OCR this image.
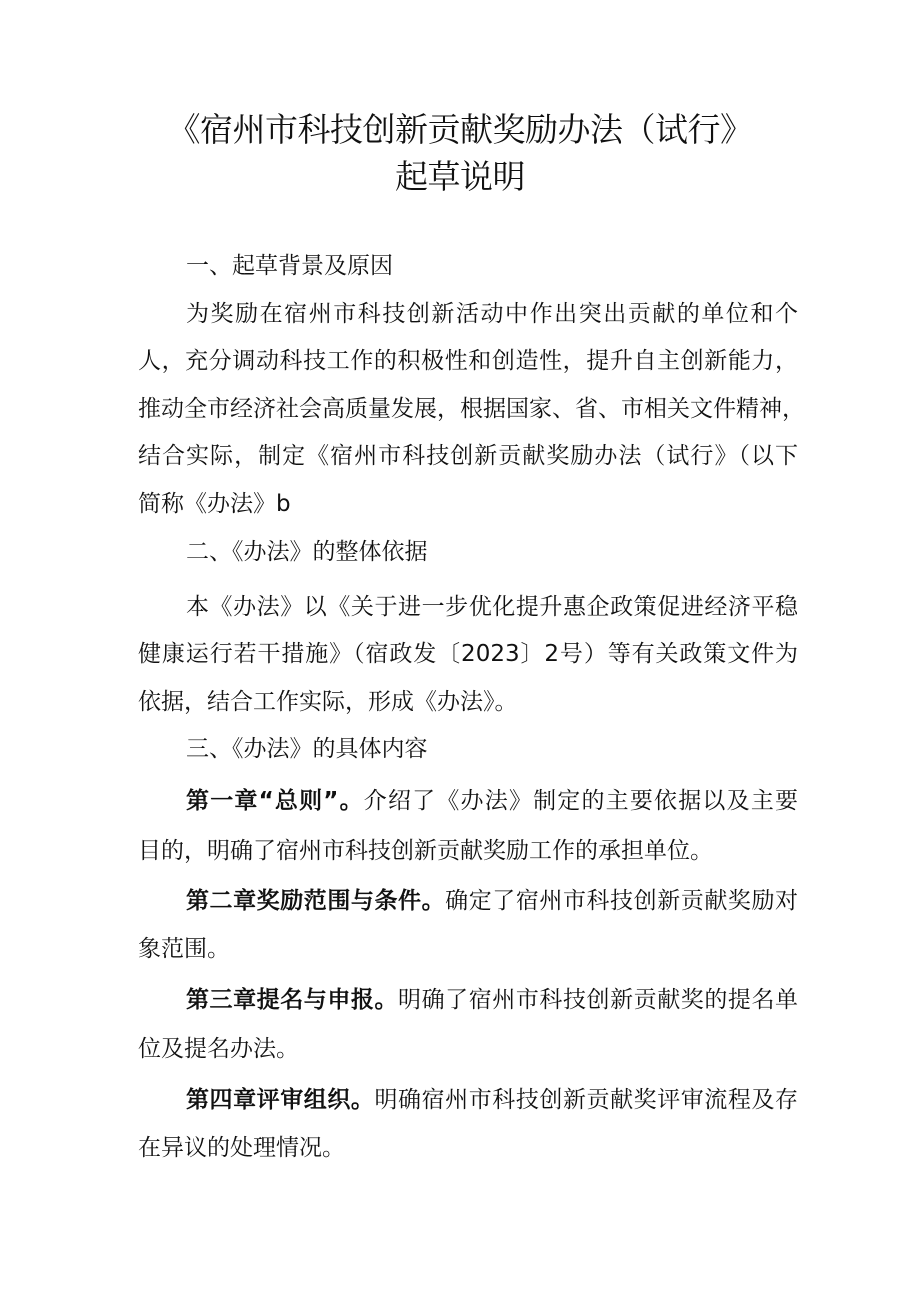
《宿州市科技创新贡献奖励办法（试行》
起草说明
一、起草背景及原因
为奖励在宿州市科技创新活动中作出突出贡献的单位和个
人，充分调动科技工作的积极性和创造性，提升自主创新能力，
推动全市经济社会高质量发展，根据国家、省、市相关文件精神，
结合实际，制定《宿州市科技创新贡献奖励办法（试行》（以下
简称《办法》b
二、《办法》的整体依据
本《办法》以《关于进一步优化提升惠企政策促进经济平稳
健康运行若干措施》（宿政发〔2023〕2号）等有关政策文件为
依据，结合工作实际，形成《办法》。
三、《办法》的具体内容
第一章“总则”。介绍了《办法》制定的主要依据以及主要
目的，明确了宿州市科技创新贡献奖励工作的承担单位。
第二章奖励范围与条件。确定了宿州市科技创新贡献奖励对
象范围。
第三章提名与申报。明确了宿州市科技创新贡献奖的提名单
位及提名办法。
第四章评审组织。明确宿州市科技创新贡献奖评审流程及存
在异议的处理情况。
